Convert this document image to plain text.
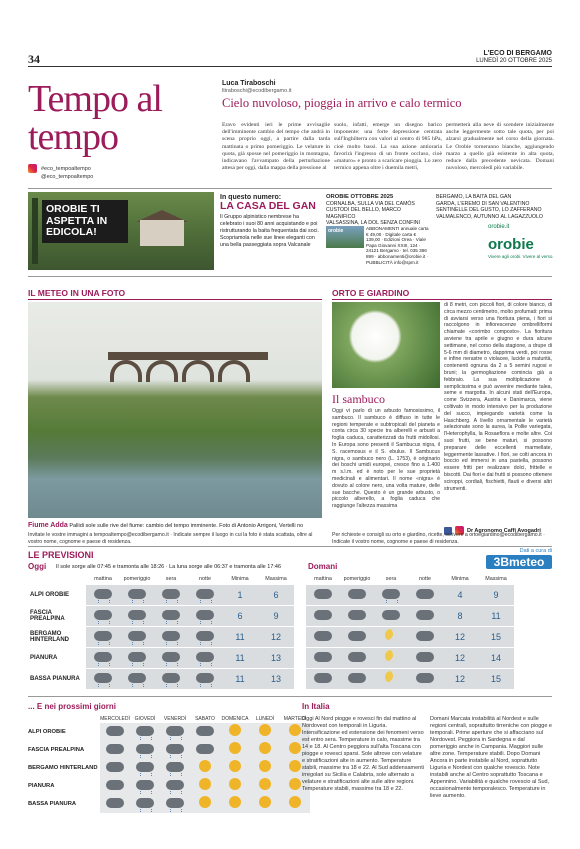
34	L'ECO DI BERGAMO
LUNEDÌ 20 OTTOBRE 2025
Tempo al tempo
Luca Tiraboschi
ltiraboschi@ecodibergamo.it
Cielo nuvoloso, pioggia in arrivo e calo termico
Eravo evidenti ieri le prime avvisaglie dell'imminente cambio del tempo che andrà in scena proprio oggi, a partire dalla tarda mattinata o primo pomeriggio. Le velature in quota, già sposse nel pomeriggio in montagna, indicavano l'avvampato della perturbazione attesa per oggi, dalla mappa della pressione al
suolo, infatti, emerge un disegno barico imponente: una forte depressione centrata sull'Inghilterra con valori al centro di 985 hPa, cioè molto bassi. La sua azione antioraria favorirà l'ingresso di un fronte occluso, cioè «maturo» e pronto a scaricare pioggia. Lo zero termico appena oltre i duemila metri,
permetterà alla neve di scendere inizialmente anche leggermente sotto tale quota, per poi alzarsi gradualmente nel corso della giornata. Le Orobie torneranno bianche, aggiungendo marzo a quello già esistente in alta quota, reduce dalla precedente nevicata. Domani nuvoloso, mercoledì più variabile.
#eco_tempoaltempo
@eco_tempoaltempo
OROBIE TI ASPETTA IN EDICOLA!
In questo numero:
LA CASA DEL GAN
Il Gruppo alpinistico nembrese ha celebrato i suoi 80 anni acquistando e poi ristrutturando la baita frequentata dai soci. Scopriamola nelle sue linee eleganti con una bella passeggiata sopra Valcanale
OROBIE OTTOBRE 2025
CORNALBA, SULLA VIA DEL CAMÓS
CUSTODI DEL BELLO, MARCO MAGNIFICO
VALSASSINA, LA DOL SENZA CONFINI
orobie	ABBONAMENTI annuale carta € 49,00 · Digitale carta € 139,00 · Edizioni Orea · Viale Papa Giovanni XXIII, 124 · 24121 Bergamo · tel. 035 386 899 · abbonamenti@orobie.it · PUBBLICITÀ info@spm.it
BERGAMO, LA BAITA DEL GAN
GARDA, L'EREMO DI SAN VALENTINO
SENTINELLE DEL GUSTO, LO ZAFFERANO
VALMALENCO, AUTUNNO AL LAGAZZUOLO
orobie.it
orobie
Vivere agli orobi. Vivere al verso.
IL METEO IN UNA FOTO
Fiume Adda Pallidi sole sulle rive del fiume: cambio del tempo imminente. Foto di Antonio Arrigoni, Vertelli no
Invitate le vostre immagini a tempoaltempo@ecodibergamo.it · Indicate sempre il luogo in cui la foto è stata scattata, oltre al vostro nome, cognome e paese di residenza.
ORTO E GIARDINO
Il sambuco
Oggi vi parlo di un arbusto famosissimo, il sambuco. Il sambuco è diffuso in tutte le regioni temperate e subtropicali del pianeta e conta circa 30 specie tra alberelli e arbusti a foglia caduca, caratterizzati da frutti midollosi. In Europa sono presenti il Sambucus nigra, il S. racemosus e il S. ebulus. Il Sambucus nigra, o sambuco nero (L. 1753), è originario dei boschi umidi europei, cresce fino a 1.400 m s.l.m. ed è noto per le sue proprietà medicinali e alimentari. Il nome «nigra» è dovuto al colore nero, una volta mature, delle sue bacche. Questo è un grande arbusto, o piccolo alberello, a foglia caduca che raggiunge l'altezza massima
di 8 metri, con piccoli fiori, di colore bianco, di circa mezzo centimetro, molto profumati: prima di avviarsi verso una fioritura piena, i fiori si raccolgono in infiorescenze ombrelliformi chiamate «corimbo composto». La fioritura avviene tra aprile e giugno e dura alcune settimane, nel corso della stagione, a drupe di 5-6 mm di diametro, dapprima verdi, poi rosse e infine nerastre o violacee, lucide a maturità, contenenti ognuna da 2 a 5 semini rugosi e bruni; la germogliazione comincia già a febbraio. La sua moltiplicazione è semplicissima e può avvenire mediante talea, seme e margotta. In alcuni stati dell'Europa, come Svizzera, Austria e Danimarca, viene coltivato in modo intensivo per la produzione del succo, impiegando varietà come la Haschberg. A livello ornamentale le varietà selezionate sono la aurea, la Pollie variegata, l'Heterophylla, la Rosaeflora e molte altre. Coi suoi frutti, se bene maturi, si possono preparare delle eccellenti marmellate, leggermente lassative. I fiori, se colti ancora in boccio ed immersi in una pastella, possono essere fritti per realizzare dolci, frittelle e biscotti. Dai fiori e dai frutti si possono ottenere sciroppi, cordiali, fischietti, flauti e diversi altri strumenti.
Dr Agronomo Caffi Avogadri
Per richieste e consigli su orto e giardino, ricette, scrivere a ortoegiardino@ecodibergamo.it · Indicate il vostro nome, cognome e paese di residenza.
LE PREVISIONI	Dati a cura di
3Bmeteo
Oggi Il sole sorge alle 07:45 e tramonta alle 18:26 · La luna sorge alle 06:37 e tramonta alle 17:46	Domani
	mattina	pomeriggio	sera	notte	Minima	Massima
ALPI OROBIE					1	6
FASCIA PREALPINA					6	9
BERGAMO HINTERLAND					11	12
PIANURA					11	13
BASSA PIANURA					11	13
mattina	pomeriggio	sera	notte	Minima	Massima
				4	9
				8	11
				12	15
				12	14
				12	15
... E nei prossimi giorni
	MERCOLEDÌ	GIOVEDÌ	VENERDÌ	SABATO	DOMENICA	LUNEDÌ	MARTEDÌ
ALPI OROBIE							
FASCIA PREALPINA							
BERGAMO HINTERLAND							
PIANURA							
BASSA PIANURA							
In Italia
Oggi Al Nord piogge e rovesci fin dal mattino al Nordovest con temporali in Liguria. Intensificazione ed estensione dei fenomeni verso est entro sera. Temperature in calo, massime tra 14 e 18. Al Centro peggiora sull'alta Toscana con piogge e rovesci sparsi. Sole altrove con velature e stratificazioni alte in aumento. Temperature stabili, massime tra 18 e 22. Al Sud addensamenti irregolari su Sicilia e Calabria, sole alternato a velature e stratificazioni alte sulle altre regioni. Temperature stabili, massime tra 18 e 22.
Domani Marcata instabilità al Nordest e sulle regioni centrali, soprattutto tirreniche con piogge e temporali. Prime aperture che si affacciano sul Nordovest. Peggiora in Sardegna e dal pomeriggio anche in Campania. Maggiori sulle altre zone. Temperature stabili. Dopo Domani Ancora in parte instabile al Nord, soprattutto Liguria e Nordest con qualche rovescio. Note instabili anche al Centro soprattutto Toscana e Appennino. Variabilità e qualche rovescio al Sud, occasionalmente temporalesco. Temperature in lieve aumento.
